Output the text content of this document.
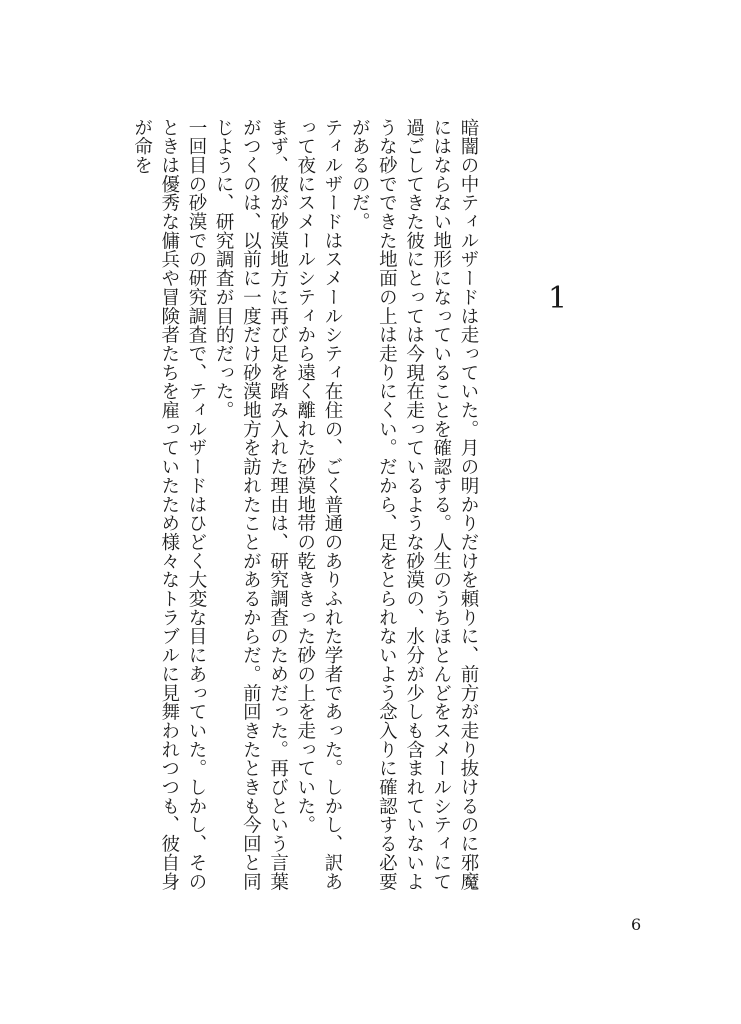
1

暗闇の中ティルザードは走っていた。月の明かりだけを頼りに、前方が走り抜けるのに邪魔にはならない地形になっていることを確認する。人生のうちほとんどをスメールシティにて過ごしてきた彼にとっては今現在走っているような砂漠の、水分が少しも含まれていないような砂でできた地面の上は走りにくい。だから、足をとられないよう念入りに確認する必要があるのだ。

ティルザードはスメールシティ在住の、ごく普通のありふれた学者であった。しかし、訳あって夜にスメールシティから遠く離れた砂漠地帯の乾ききった砂の上を走っていた。

まず、彼が砂漠地方に再び足を踏み入れた理由は、研究調査のためだった。再びという言葉がつくのは、以前に一度だけ砂漠地方を訪れたことがあるからだ。前回きたときも今回と同じように、研究調査が目的だった。

一回目の砂漠での研究調査で、ティルザードはひどく大変な目にあっていた。しかし、そのときは優秀な傭兵や冒険者たちを雇っていたため様々なトラブルに見舞われつつも、彼自身が命を

6
